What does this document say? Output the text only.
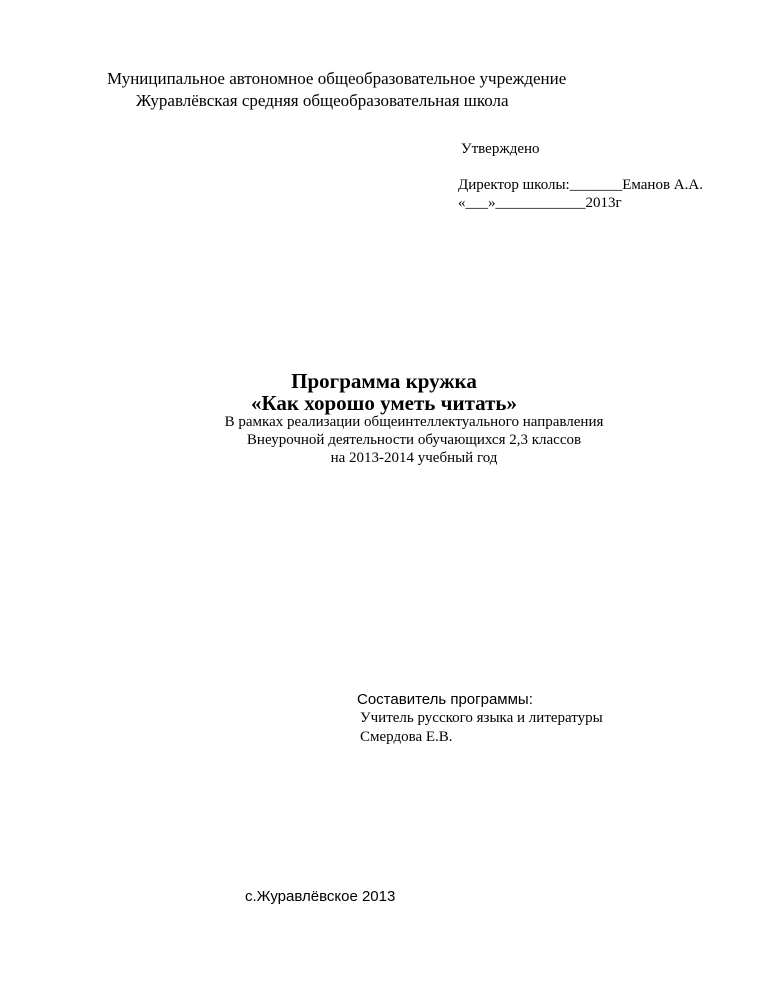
Муниципальное автономное общеобразовательное учреждение
Журавлёвская средняя общеобразовательная школа
Утверждено
Директор школы:_______Еманов А.А.
«___»____________2013г
Программа кружка
«Как хорошо уметь читать»
В рамках реализации общеинтеллектуального направления
Внеурочной деятельности обучающихся 2,3 классов
на 2013-2014 учебный год
Составитель программы:
Учитель русского языка и литературы
Смердова Е.В.
с.Журавлёвское 2013
